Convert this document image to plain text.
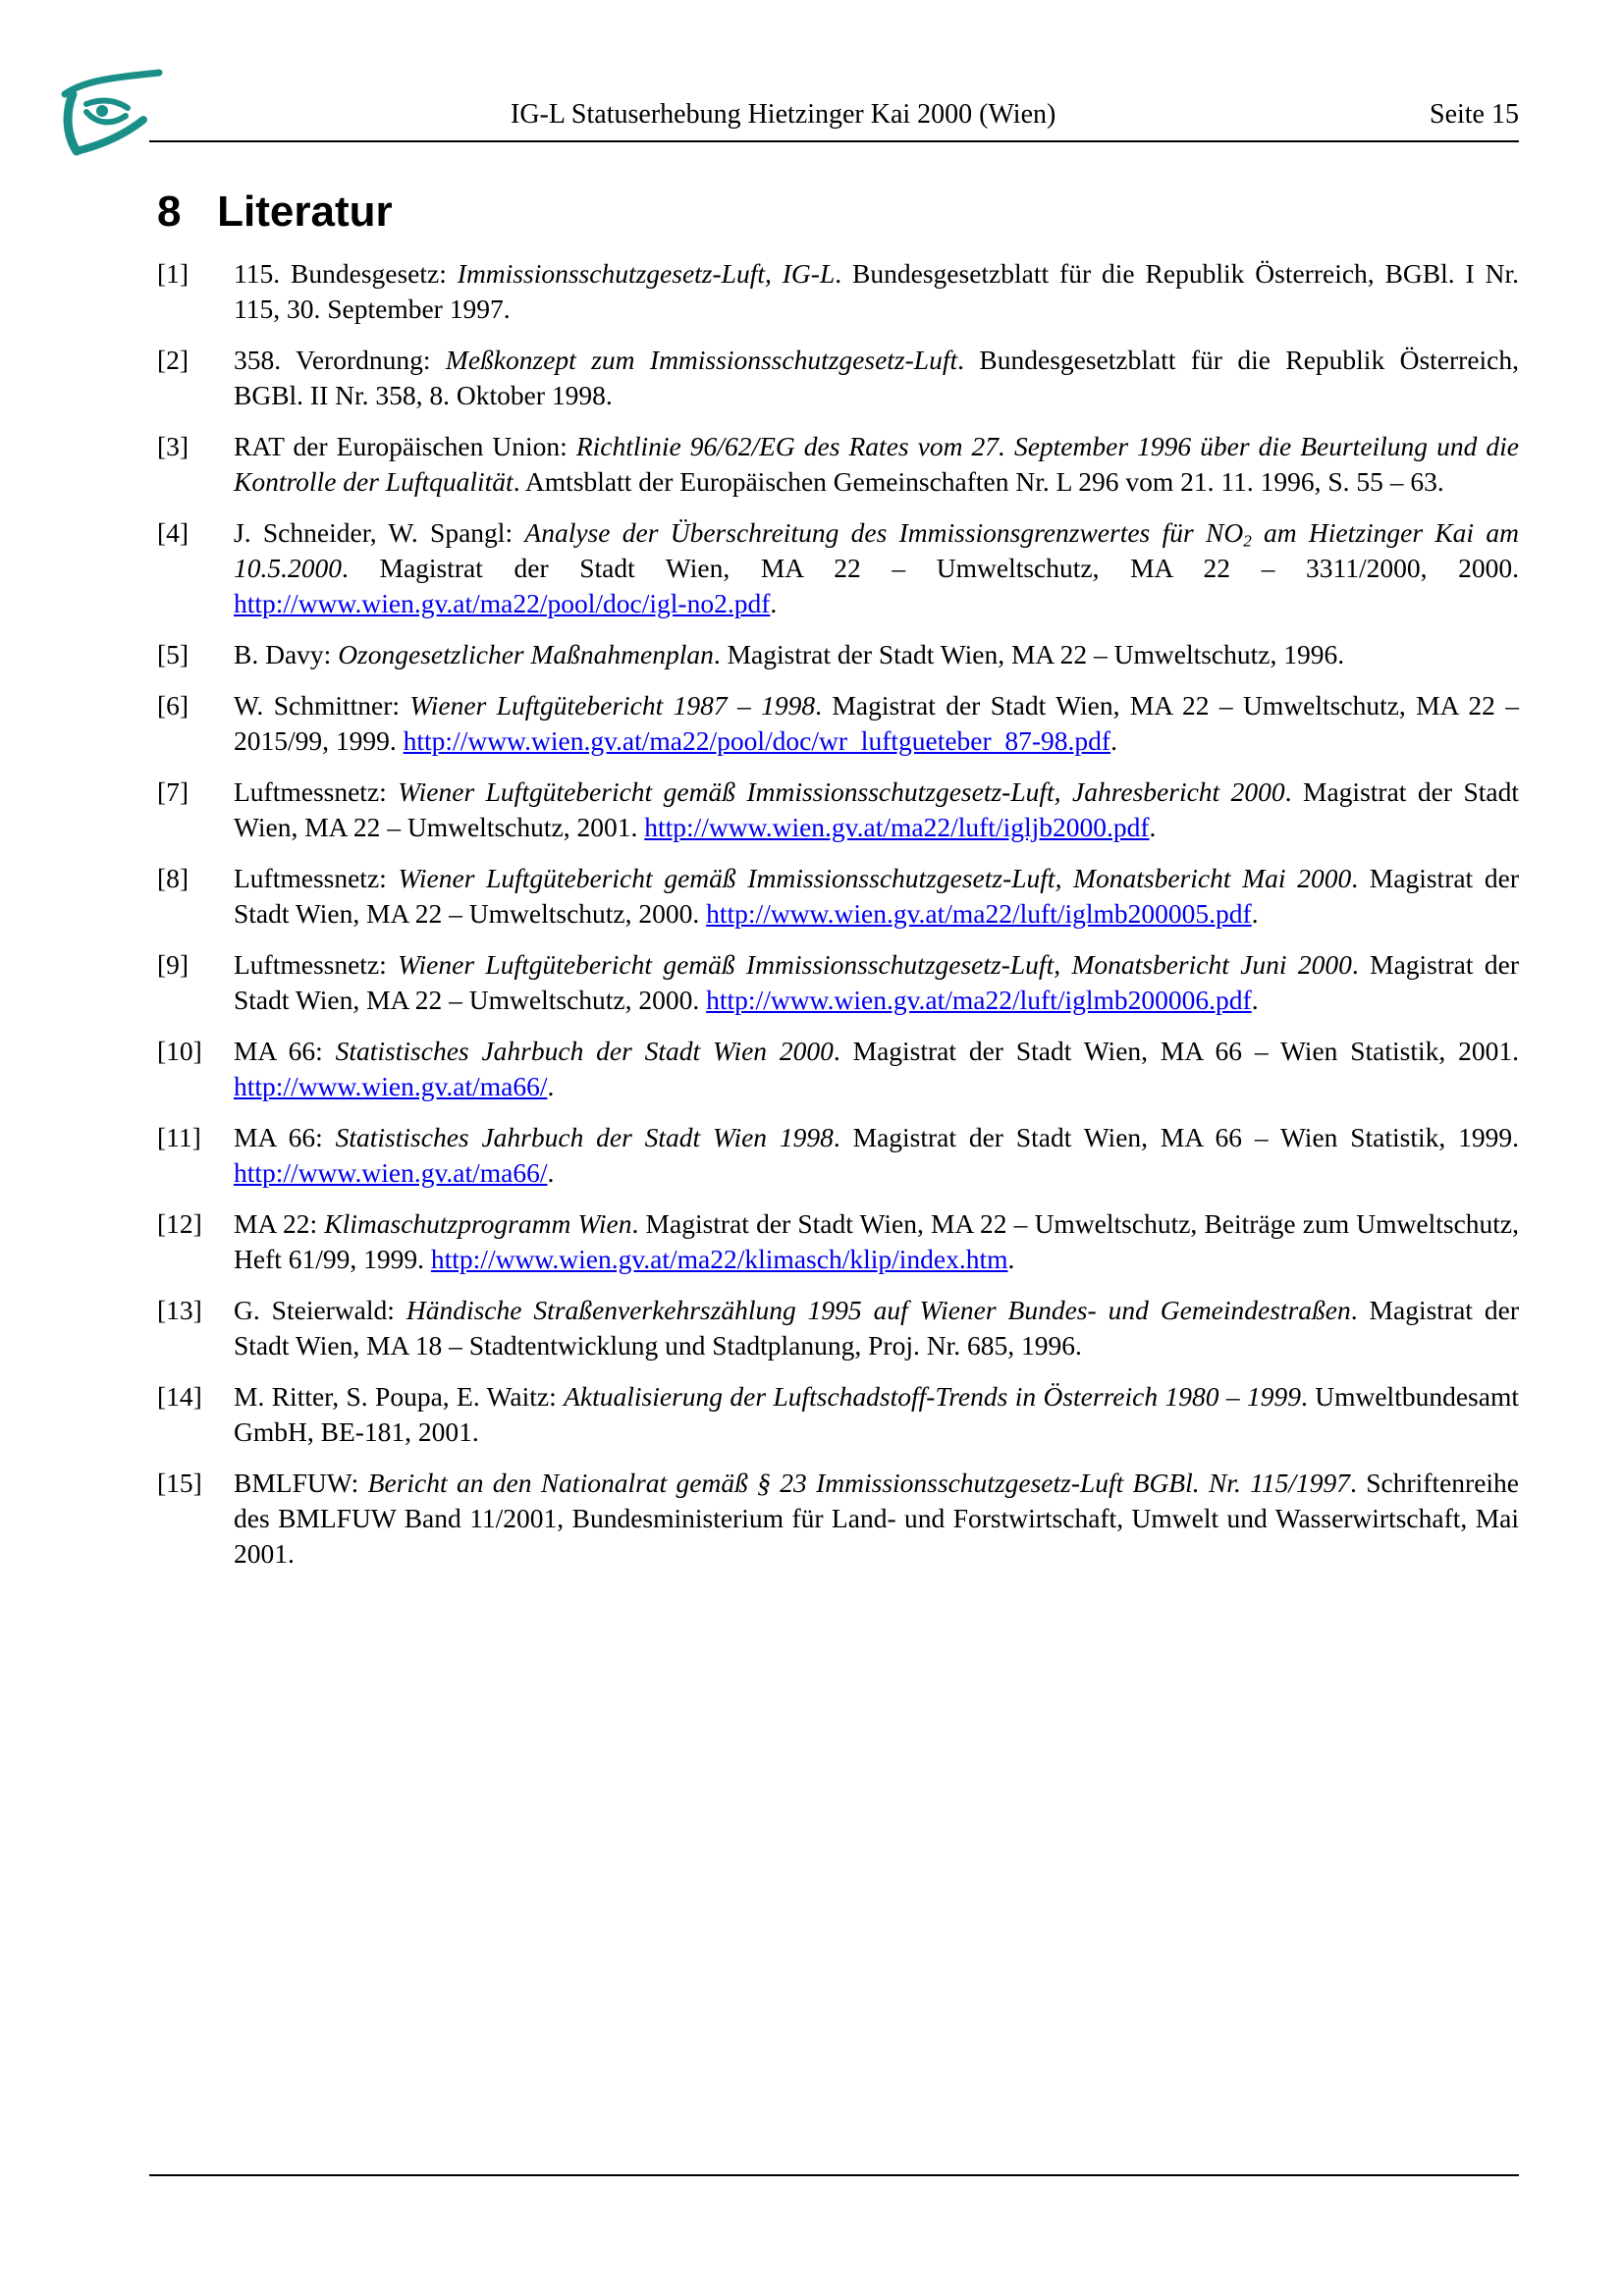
IG-L Statuserhebung Hietzinger Kai 2000 (Wien)	Seite 15
8 Literatur
[1] 115. Bundesgesetz: Immissionsschutzgesetz-Luft, IG-L. Bundesgesetzblatt für die Republik Österreich, BGBl. I Nr. 115, 30. September 1997.
[2] 358. Verordnung: Meßkonzept zum Immissionsschutzgesetz-Luft. Bundesgesetzblatt für die Republik Österreich, BGBl. II Nr. 358, 8. Oktober 1998.
[3] RAT der Europäischen Union: Richtlinie 96/62/EG des Rates vom 27. September 1996 über die Beurteilung und die Kontrolle der Luftqualität. Amtsblatt der Europäischen Gemeinschaften Nr. L 296 vom 21. 11. 1996, S. 55 – 63.
[4] J. Schneider, W. Spangl: Analyse der Überschreitung des Immissionsgrenzwertes für $NO_2$ am Hietzinger Kai am 10.5.2000. Magistrat der Stadt Wien, MA 22 – Umweltschutz, MA 22 – 3311/2000, 2000. http://www.wien.gv.at/ma22/pool/doc/igl-no2.pdf.
[5] B. Davy: Ozongesetzlicher Maßnahmenplan. Magistrat der Stadt Wien, MA 22 – Umweltschutz, 1996.
[6] W. Schmittner: Wiener Luftgütebericht 1987 – 1998. Magistrat der Stadt Wien, MA 22 – Umweltschutz, MA 22 – 2015/99, 1999. http://www.wien.gv.at/ma22/pool/doc/wr_luftgueteber_87-98.pdf.
[7] Luftmessnetz: Wiener Luftgütebericht gemäß Immissionsschutzgesetz-Luft, Jahresbericht 2000. Magistrat der Stadt Wien, MA 22 – Umweltschutz, 2001. http://www.wien.gv.at/ma22/luft/igljb2000.pdf.
[8] Luftmessnetz: Wiener Luftgütebericht gemäß Immissionsschutzgesetz-Luft, Monatsbericht Mai 2000. Magistrat der Stadt Wien, MA 22 – Umweltschutz, 2000. http://www.wien.gv.at/ma22/luft/iglmb200005.pdf.
[9] Luftmessnetz: Wiener Luftgütebericht gemäß Immissionsschutzgesetz-Luft, Monatsbericht Juni 2000. Magistrat der Stadt Wien, MA 22 – Umweltschutz, 2000. http://www.wien.gv.at/ma22/luft/iglmb200006.pdf.
[10] MA 66: Statistisches Jahrbuch der Stadt Wien 2000. Magistrat der Stadt Wien, MA 66 – Wien Statistik, 2001. http://www.wien.gv.at/ma66/.
[11] MA 66: Statistisches Jahrbuch der Stadt Wien 1998. Magistrat der Stadt Wien, MA 66 – Wien Statistik, 1999. http://www.wien.gv.at/ma66/.
[12] MA 22: Klimaschutzprogramm Wien. Magistrat der Stadt Wien, MA 22 – Umweltschutz, Beiträge zum Umweltschutz, Heft 61/99, 1999. http://www.wien.gv.at/ma22/klimasch/klip/index.htm.
[13] G. Steierwald: Händische Straßenverkehrszählung 1995 auf Wiener Bundes- und Gemeindestraßen. Magistrat der Stadt Wien, MA 18 – Stadtentwicklung und Stadtplanung, Proj. Nr. 685, 1996.
[14] M. Ritter, S. Poupa, E. Waitz: Aktualisierung der Luftschadstoff-Trends in Österreich 1980 – 1999. Umweltbundesamt GmbH, BE-181, 2001.
[15] BMLFUW: Bericht an den Nationalrat gemäß § 23 Immissionsschutzgesetz-Luft BGBl. Nr. 115/1997. Schriftenreihe des BMLFUW Band 11/2001, Bundesministerium für Land- und Forstwirtschaft, Umwelt und Wasserwirtschaft, Mai 2001.
